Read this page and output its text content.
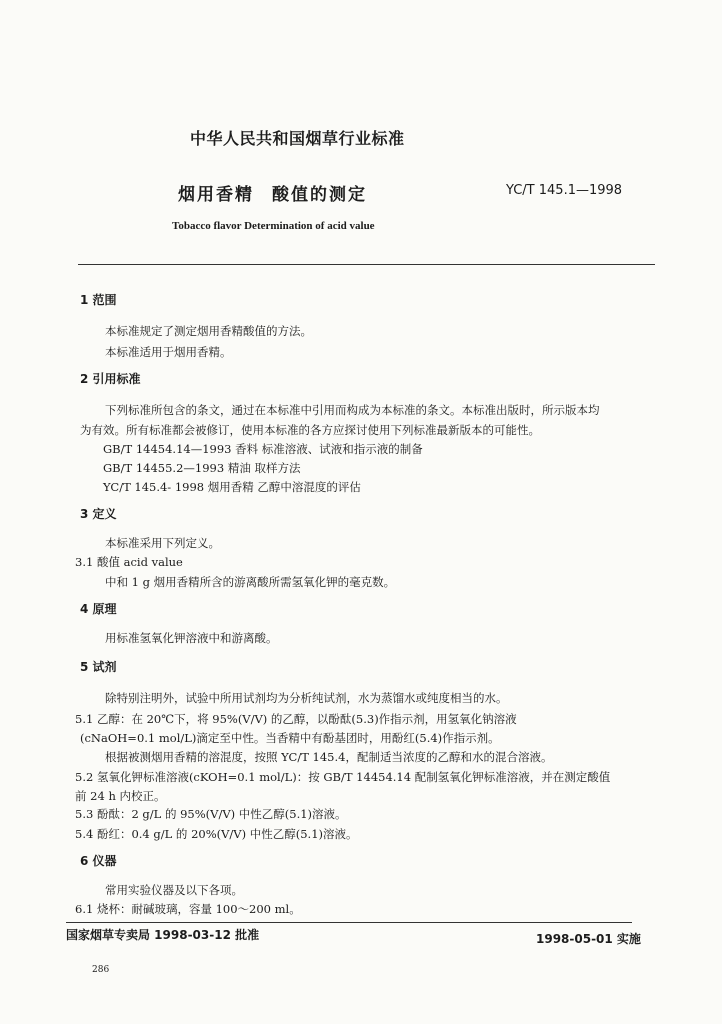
中华人民共和国烟草行业标准
烟用香精 酸值的测定	YC/T 145.1—1998
Tobacco flavor Determination of acid value
1 范围
本标准规定了测定烟用香精酸值的方法。
本标准适用于烟用香精。
2 引用标准
下列标准所包含的条文，通过在本标准中引用而构成为本标准的条文。本标准出版时，所示版本均
为有效。所有标准都会被修订，使用本标准的各方应探讨使用下列标准最新版本的可能性。
GB/T 14454.14—1993 香料 标准溶液、试液和指示液的制备
GB/T 14455.2—1993 精油 取样方法
YC/T 145.4- 1998 烟用香精 乙醇中溶混度的评估
3 定义
本标准采用下列定义。
3.1 酸值 acid value
中和 1 g 烟用香精所含的游离酸所需氢氧化钾的毫克数。
4 原理
用标准氢氧化钾溶液中和游离酸。
5 试剂
除特别注明外，试验中所用试剂均为分析纯试剂，水为蒸馏水或纯度相当的水。
5.1 乙醇：在 20℃下，将 95%(V/V) 的乙醇，以酚酞(5.3)作指示剂，用氢氧化钠溶液
(cNaOH=0.1 mol/L)滴定至中性。当香精中有酚基团时，用酚红(5.4)作指示剂。
根据被测烟用香精的溶混度，按照 YC/T 145.4，配制适当浓度的乙醇和水的混合溶液。
5.2 氢氧化钾标准溶液(cKOH=0.1 mol/L)：按 GB/T 14454.14 配制氢氧化钾标准溶液，并在测定酸值
前 24 h 内校正。
5.3 酚酞：2 g/L 的 95%(V/V) 中性乙醇(5.1)溶液。
5.4 酚红：0.4 g/L 的 20%(V/V) 中性乙醇(5.1)溶液。
6 仪器
常用实验仪器及以下各项。
6.1 烧杯：耐碱玻璃，容量 100～200 ml。
国家烟草专卖局 1998-03-12 批准	1998-05-01 实施
286
